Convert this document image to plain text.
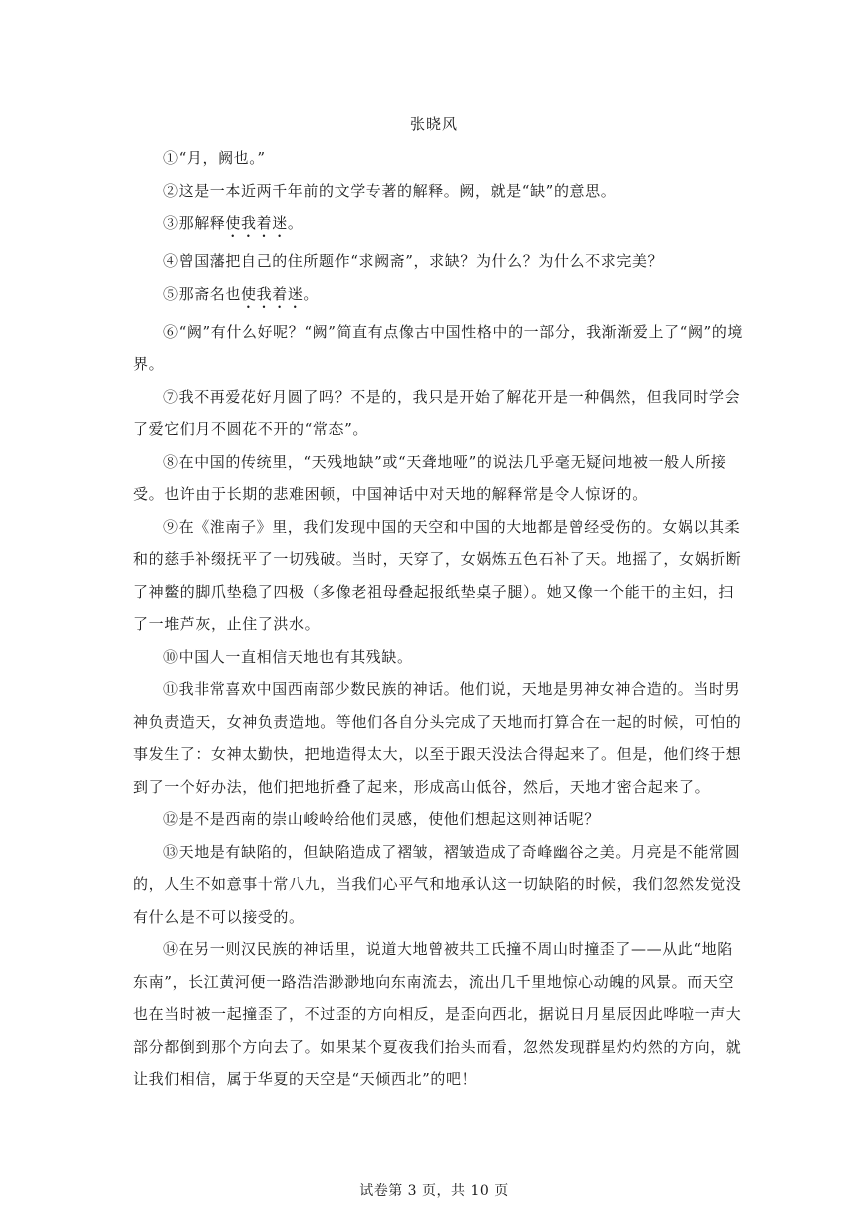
张晓风

①“月，阙也。”

②这是一本近两千年前的文学专著的解释。阙，就是“缺”的意思。

③那解释使我着迷。

④曾国藩把自己的住所题作“求阙斋”，求缺？为什么？为什么不求完美？

⑤那斋名也使我着迷。

⑥“阙”有什么好呢？“阙”简直有点像古中国性格中的一部分，我渐渐爱上了“阙”的境界。

⑦我不再爱花好月圆了吗？不是的，我只是开始了解花开是一种偶然，但我同时学会了爱它们月不圆花不开的“常态”。

⑧在中国的传统里，“天残地缺”或“天聋地哑”的说法几乎毫无疑问地被一般人所接受。也许由于长期的悲难困顿，中国神话中对天地的解释常是令人惊讶的。

⑨在《淮南子》里，我们发现中国的天空和中国的大地都是曾经受伤的。女娲以其柔和的慈手补缀抚平了一切残破。当时，天穿了，女娲炼五色石补了天。地摇了，女娲折断了神鳖的脚爪垫稳了四极（多像老祖母叠起报纸垫桌子腿）。她又像一个能干的主妇，扫了一堆芦灰，止住了洪水。

⑩中国人一直相信天地也有其残缺。

⑪我非常喜欢中国西南部少数民族的神话。他们说，天地是男神女神合造的。当时男神负责造天，女神负责造地。等他们各自分头完成了天地而打算合在一起的时候，可怕的事发生了：女神太勤快，把地造得太大，以至于跟天没法合得起来了。但是，他们终于想到了一个好办法，他们把地折叠了起来，形成高山低谷，然后，天地才密合起来了。

⑫是不是西南的崇山峻岭给他们灵感，使他们想起这则神话呢？

⑬天地是有缺陷的，但缺陷造成了褶皱，褶皱造成了奇峰幽谷之美。月亮是不能常圆的，人生不如意事十常八九，当我们心平气和地承认这一切缺陷的时候，我们忽然发觉没有什么是不可以接受的。

⑭在另一则汉民族的神话里，说道大地曾被共工氏撞不周山时撞歪了——从此“地陷东南”，长江黄河便一路浩浩渺渺地向东南流去，流出几千里地惊心动魄的风景。而天空也在当时被一起撞歪了，不过歪的方向相反，是歪向西北，据说日月星辰因此哗啦一声大部分都倒到那个方向去了。如果某个夏夜我们抬头而看，忽然发现群星灼灼然的方向，就让我们相信，属于华夏的天空是“天倾西北”的吧！

试卷第 3 页，共 10 页
